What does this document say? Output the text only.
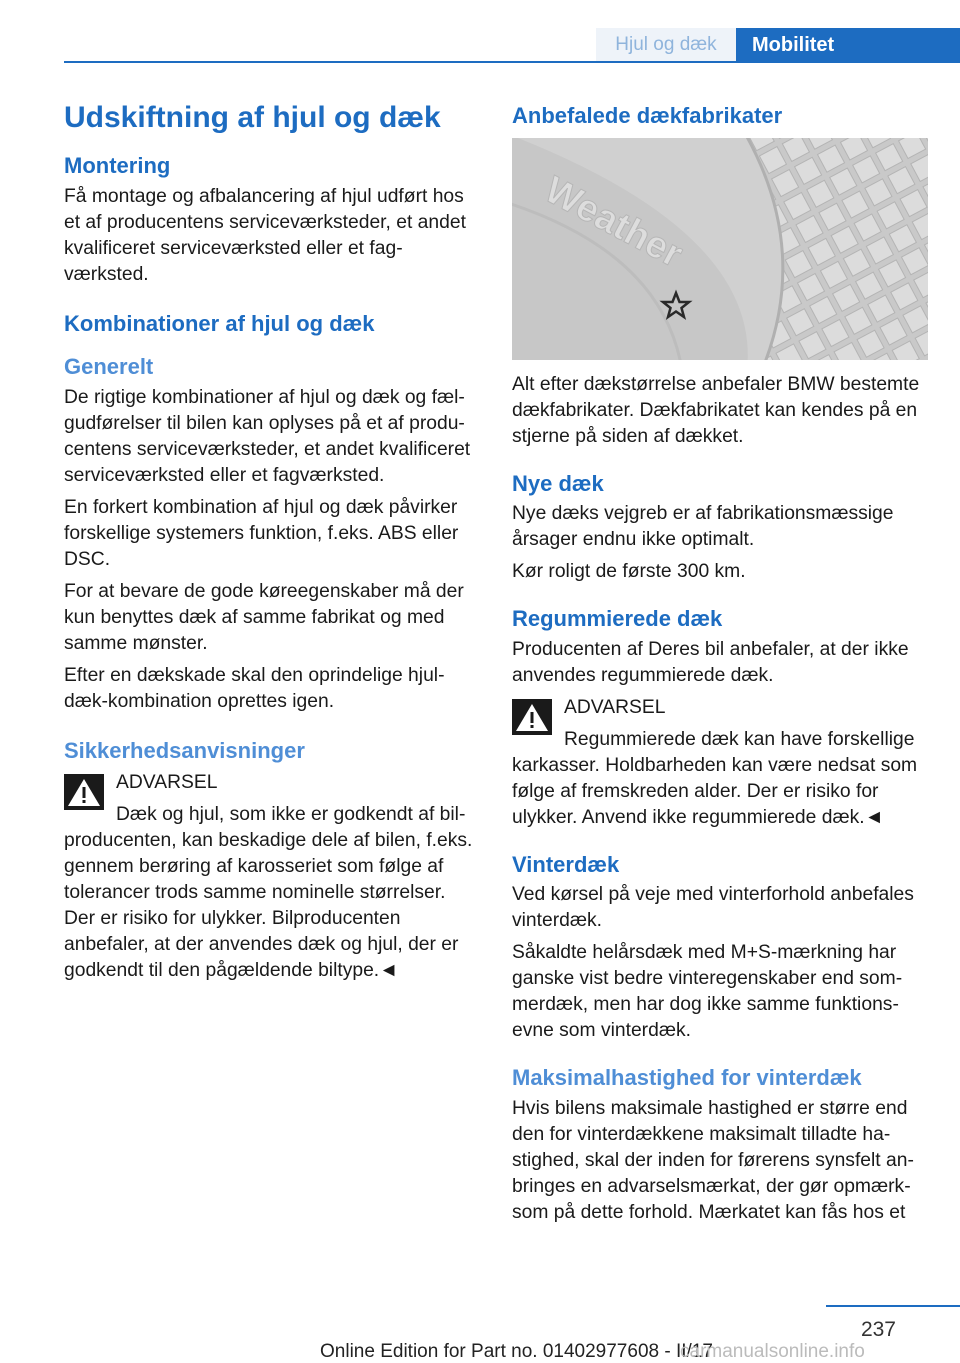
Hjul og dæk	Mobilitet
Udskiftning af hjul og dæk
Montering

Få montage og afbalancering af hjul udført hos et af producentens serviceværksteder, et andet kvalificeret serviceværksted eller et fagværksted.

Kombinationer af hjul og dæk
Generelt

De rigtige kombinationer af hjul og dæk og fælgudførelser til bilen kan oplyses på et af producentens serviceværksteder, et andet kvalificeret serviceværksted eller et fagværksted.

En forkert kombination af hjul og dæk påvirker forskellige systemers funktion, f.eks. ABS eller DSC.

For at bevare de gode køreegenskaber må der kun benyttes dæk af samme fabrikat og med samme mønster.

Efter en dækskade skal den oprindelige hjuldæk-kombination oprettes igen.

Sikkerhedsanvisninger
ADVARSEL

Dæk og hjul, som ikke er godkendt af bilproducenten, kan beskadige dele af bilen, f.eks. gennem berøring af karosseriet som følge af tolerancer trods samme nominelle størrelser. Der er risiko for ulykker. Bilproducenten anbefaler, at der anvendes dæk og hjul, der er godkendt til den pågældende biltype.◄

Anbefalede dækfabrikater
Weather

Alt efter dækstørrelse anbefaler BMW bestemte dækfabrikater. Dækfabrikatet kan kendes på en stjerne på siden af dækket.

Nye dæk

Nye dæks vejgreb er af fabrikationsmæssige årsager endnu ikke optimalt.

Kør roligt de første 300 km.

Regummierede dæk

Producenten af Deres bil anbefaler, at der ikke anvendes regummierede dæk.

ADVARSEL

Regummierede dæk kan have forskellige karkasser. Holdbarheden kan være nedsat som følge af fremskreden alder. Der er risiko for ulykker. Anvend ikke regummierede dæk.◄

Vinterdæk

Ved kørsel på veje med vinterforhold anbefales vinterdæk.

Såkaldte helårsdæk med M+S-mærkning har ganske vist bedre vinteregenskaber end sommerdæk, men har dog ikke samme funktionsevne som vinterdæk.

Maksimalhastighed for vinterdæk

Hvis bilens maksimale hastighed er større end den for vinterdækkene maksimalt tilladte hastighed, skal der inden for førerens synsfelt anbringes en advarselsmærkat, der gør opmærksom på dette forhold. Mærkatet kan fås hos et

237
Online Edition for Part no. 01402977608 - II/17
carmanualsonline.info
